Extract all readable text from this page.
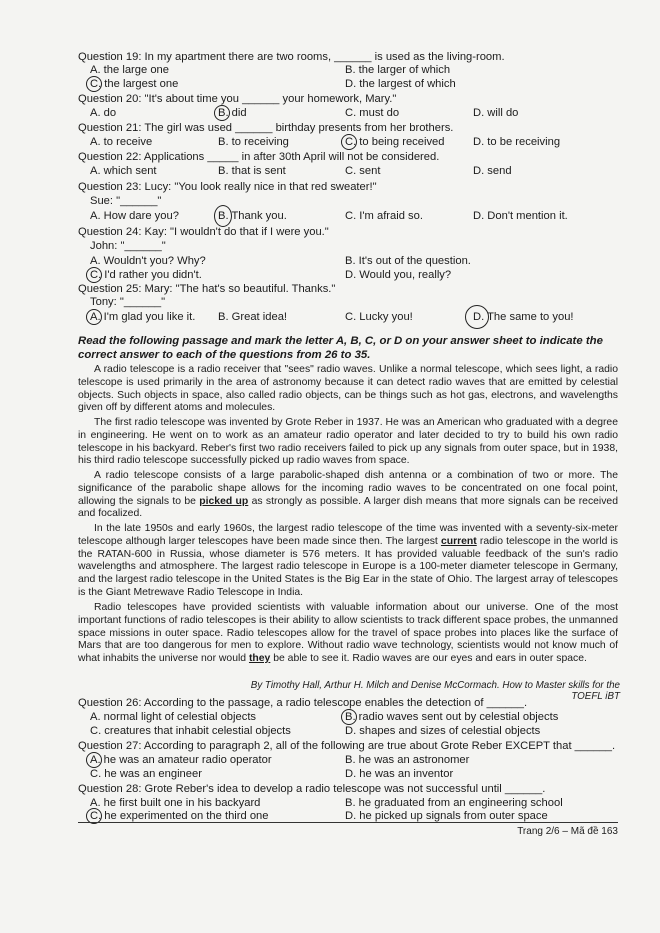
Question 19: In my apartment there are two rooms, ______ is used as the living-room.
A. the large one	B. the larger of which
C. the largest one	D. the largest of which
Question 20: "It's about time you ______ your homework, Mary."
A. do	B. did	C. must do	D. will do
Question 21: The girl was used ______ birthday presents from her brothers.
A. to receive	B. to receiving	C. to being received	D. to be receiving
Question 22: Applications _____ in after 30th April will not be considered.
A. which sent	B. that is sent	C. sent	D. send
Question 23: Lucy: "You look really nice in that red sweater!"
Sue: "______"
A. How dare you?	B. Thank you.	C. I'm afraid so.	D. Don't mention it.
Question 24: Kay: "I wouldn't do that if I were you."
John: "______"
A. Wouldn't you? Why?	B. It's out of the question.
C. I'd rather you didn't.	D. Would you, really?
Question 25: Mary: "The hat's so beautiful. Thanks."
Tony: "______"
A. I'm glad you like it. B. Great idea!	C. Lucky you!	D. The same to you!
Read the following passage and mark the letter A, B, C, or D on your answer sheet to indicate the correct answer to each of the questions from 26 to 35.
A radio telescope is a radio receiver that "sees" radio waves. Unlike a normal telescope, which sees light, a radio telescope is used primarily in the area of astronomy because it can detect radio waves that are emitted by celestial objects. Such objects in space, also called radio objects, can be things such as hot gas, electrons, and wavelengths given off by different atoms and molecules.
The first radio telescope was invented by Grote Reber in 1937. He was an American who graduated with a degree in engineering. He went on to work as an amateur radio operator and later decided to try to build his own radio telescope in his backyard. Reber's first two radio receivers failed to pick up any signals from outer space, but in 1938, his third radio telescope successfully picked up radio waves from space.
A radio telescope consists of a large parabolic-shaped dish antenna or a combination of two or more. The significance of the parabolic shape allows for the incoming radio waves to be concentrated on one focal point, allowing the signals to be picked up as strongly as possible. A larger dish means that more signals can be received and focalized.
In the late 1950s and early 1960s, the largest radio telescope of the time was invented with a seventy-six-meter telescope although larger telescopes have been made since then. The largest current radio telescope in the world is the RATAN-600 in Russia, whose diameter is 576 meters. It has provided valuable feedback of the sun's radio wavelengths and atmosphere. The largest radio telescope in Europe is a 100-meter diameter telescope in Germany, and the largest radio telescope in the United States is the Big Ear in the state of Ohio. The largest array of telescopes is the Giant Metrewave Radio Telescope in India.
Radio telescopes have provided scientists with valuable information about our universe. One of the most important functions of radio telescopes is their ability to allow scientists to track different space probes, the unmanned space missions in outer space. Radio telescopes allow for the travel of space probes into places like the surface of Mars that are too dangerous for men to explore. Without radio wave technology, scientists would not know much of what inhabits the universe nor would they be able to see it. Radio waves are our eyes and ears in outer space.
By Timothy Hall, Arthur H. Milch and Denise McCormach. How to Master skills for the TOEFL iBT
Question 26: According to the passage, a radio telescope enables the detection of ______.
A. normal light of celestial objects	B. radio waves sent out by celestial objects
C. creatures that inhabit celestial objects	D. shapes and sizes of celestial objects
Question 27: According to paragraph 2, all of the following are true about Grote Reber EXCEPT that ______.
A. he was an amateur radio operator	B. he was an astronomer
C. he was an engineer	D. he was an inventor
Question 28: Grote Reber's idea to develop a radio telescope was not successful until ______.
A. he first built one in his backyard	B. he graduated from an engineering school
C. he experimented on the third one	D. he picked up signals from outer space
Trang 2/6 – Mã đề 163
